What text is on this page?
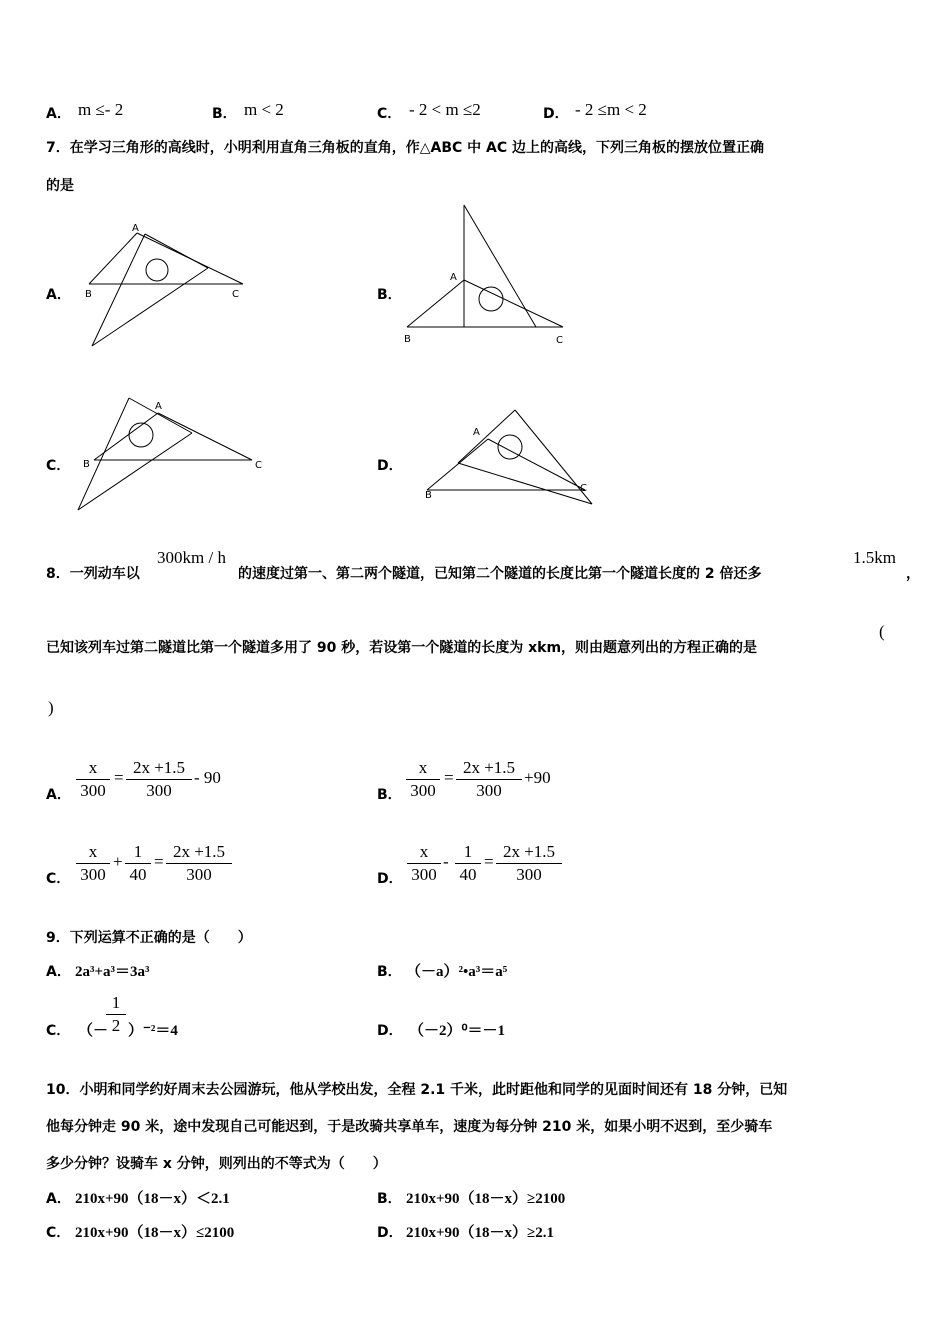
A． m ≤- 2	B． m < 2	C． - 2 < m ≤2	D． - 2 ≤m < 2
7．在学习三角形的高线时，小明利用直角三角板的直角，作△ABC 中 AC 边上的高线，下列三角板的摆放位置正确
的是
A．	B．
C．	D．
A
B	C
A
B	C
A
B	C
A
B
C
8．一列动车以
300km / h
的速度过第一、第二两个隧道，已知第二个隧道的长度比第一个隧道长度的 2 倍还多
1.5km
，
已知该列车过第二隧道比第一个隧道多用了 90 秒，若设第一个隧道的长度为 xkm，则由题意列出的方程正确的是
(
)
A． $\frac{x}{300} = \frac{2x +1.5}{300} - 90$
B． $\frac{x}{300} = \frac{2x +1.5}{300} +90$
C． $\frac{x}{300} + \frac{1}{40} = \frac{2x +1.5}{300}$	D． $\frac{x}{300} - \frac{1}{40} = \frac{2x +1.5}{300}$
9．下列运算不正确的是（　　）
A． 2a³+a³＝3a³	B． （－a）²•a³＝a⁵
C． （－
$\frac{1}{2} )^{-2}=4$	D． （－2）⁰＝－1
10．小明和同学约好周末去公园游玩，他从学校出发，全程 2.1 千米，此时距他和同学的见面时间还有 18 分钟，已知
他每分钟走 90 米，途中发现自己可能迟到，于是改骑共享单车，速度为每分钟 210 米，如果小明不迟到，至少骑车
多少分钟？设骑车 x 分钟，则列出的不等式为（　　）
A． 210x+90（18－x）＜2.1	B． 210x+90（18－x）≥2100
C． 210x+90（18－x）≤2100	D． 210x+90（18－x）≥2.1
